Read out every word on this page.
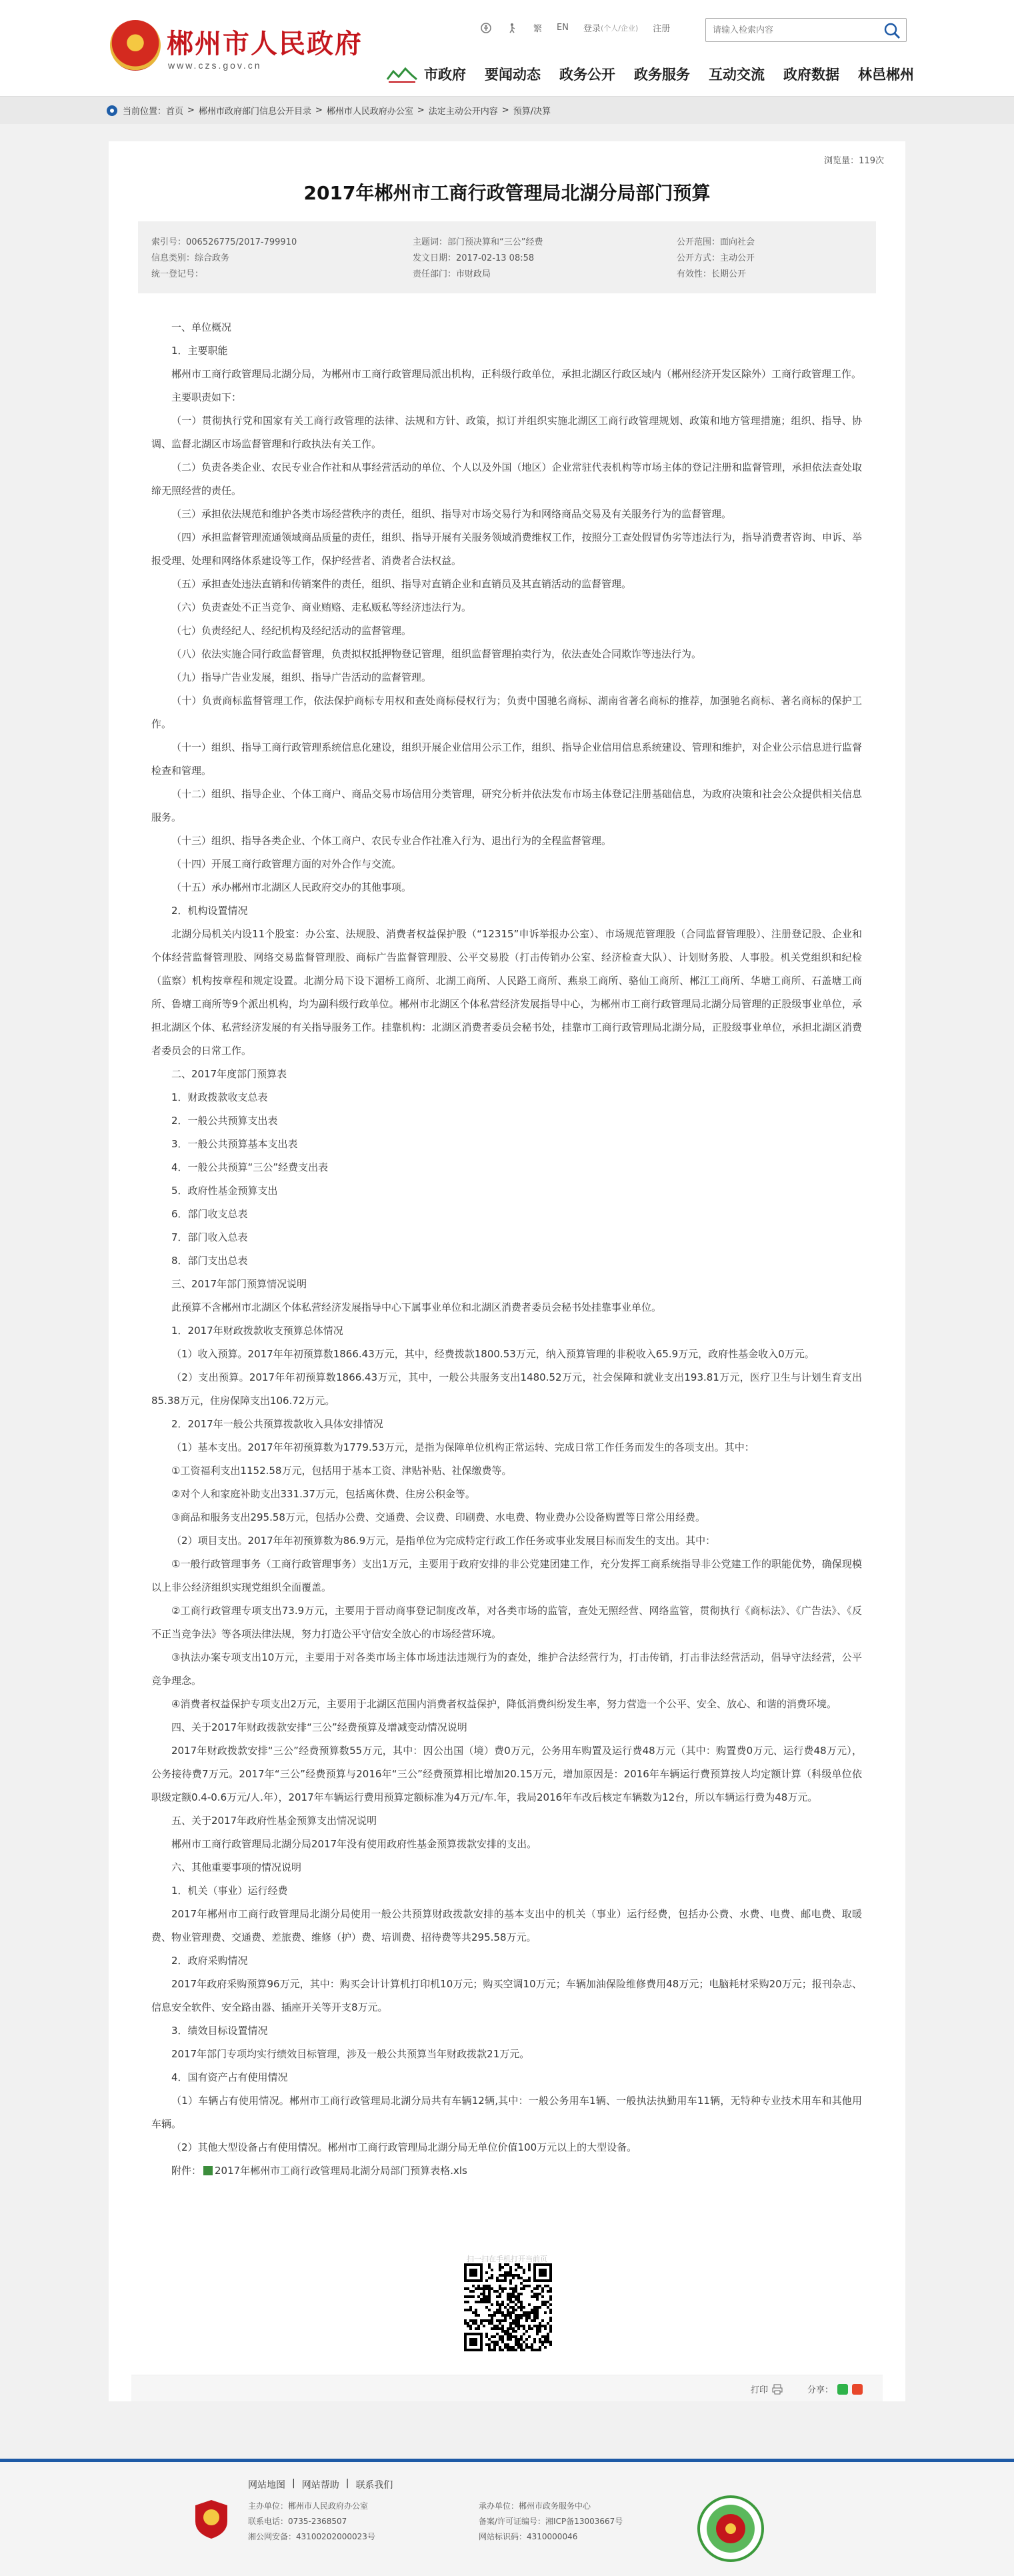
郴州市人民政府
www.czs.gov.cn
繁 EN 登录 (个人/企业) 注册
请输入检索内容
市政府 要闻动态 政务公开 政务服务 互动交流 政府数据 林邑郴州
当前位置： 首页 > 郴州市政府部门信息公开目录 > 郴州市人民政府办公室 > 法定主动公开内容 > 预算/决算
浏览量：119次
2017年郴州市工商行政管理局北湖分局部门预算
索引号：006526775/2017-799910
信息类别：综合政务
统一登记号：
主题词：部门预决算和“三公”经费
发文日期：2017-02-13 08:58
责任部门：市财政局
公开范围：面向社会
公开方式：主动公开
有效性：长期公开

一、单位概况

1．主要职能

郴州市工商行政管理局北湖分局，为郴州市工商行政管理局派出机构，正科级行政单位，承担北湖区行政区域内（郴州经济开发区除外）工商行政管理工作。

主要职责如下：

（一）贯彻执行党和国家有关工商行政管理的法律、法规和方针、政策，拟订并组织实施北湖区工商行政管理规划、政策和地方管理措施；组织、指导、协调、监督北湖区市场监督管理和行政执法有关工作。

（二）负责各类企业、农民专业合作社和从事经营活动的单位、个人以及外国（地区）企业常驻代表机构等市场主体的登记注册和监督管理，承担依法查处取缔无照经营的责任。

（三）承担依法规范和维护各类市场经营秩序的责任，组织、指导对市场交易行为和网络商品交易及有关服务行为的监督管理。

（四）承担监督管理流通领域商品质量的责任，组织、指导开展有关服务领域消费维权工作，按照分工查处假冒伪劣等违法行为，指导消费者咨询、申诉、举报受理、处理和网络体系建设等工作，保护经营者、消费者合法权益。

（五）承担查处违法直销和传销案件的责任，组织、指导对直销企业和直销员及其直销活动的监督管理。

（六）负责查处不正当竞争、商业贿赂、走私贩私等经济违法行为。

（七）负责经纪人、经纪机构及经纪活动的监督管理。

（八）依法实施合同行政监督管理，负责拟权抵押物登记管理，组织监督管理拍卖行为，依法查处合同欺诈等违法行为。

（九）指导广告业发展，组织、指导广告活动的监督管理。

（十）负责商标监督管理工作，依法保护商标专用权和查处商标侵权行为；负责中国驰名商标、湖南省著名商标的推荐，加强驰名商标、著名商标的保护工作。

（十一）组织、指导工商行政管理系统信息化建设，组织开展企业信用公示工作，组织、指导企业信用信息系统建设、管理和维护，对企业公示信息进行监督检查和管理。

（十二）组织、指导企业、个体工商户、商品交易市场信用分类管理，研究分析并依法发布市场主体登记注册基础信息，为政府决策和社会公众提供相关信息服务。

（十三）组织、指导各类企业、个体工商户、农民专业合作社准入行为、退出行为的全程监督管理。

（十四）开展工商行政管理方面的对外合作与交流。

（十五）承办郴州市北湖区人民政府交办的其他事项。

2．机构设置情况

北湖分局机关内设11个股室：办公室、法规股、消费者权益保护股（“12315”申诉举报办公室）、市场规范管理股（合同监督管理股）、注册登记股、企业和个体经营监督管理股、网络交易监督管理股、商标广告监督管理股、公平交易股（打击传销办公室、经济检查大队）、计划财务股、人事股。机关党组织和纪检（监察）机构按章程和规定设置。北湖分局下设下湄桥工商所、北湖工商所、人民路工商所、燕泉工商所、骆仙工商所、郴江工商所、华塘工商所、石盖塘工商所、鲁塘工商所等9个派出机构，均为副科级行政单位。郴州市北湖区个体私营经济发展指导中心，为郴州市工商行政管理局北湖分局管理的正股级事业单位，承担北湖区个体、私营经济发展的有关指导服务工作。挂靠机构：北湖区消费者委员会秘书处，挂靠市工商行政管理局北湖分局，正股级事业单位，承担北湖区消费者委员会的日常工作。

二、2017年度部门预算表

1．财政拨款收支总表

2．一般公共预算支出表

3．一般公共预算基本支出表

4．一般公共预算“三公”经费支出表

5．政府性基金预算支出

6．部门收支总表

7．部门收入总表

8．部门支出总表

三、2017年部门预算情况说明

此预算不含郴州市北湖区个体私营经济发展指导中心下属事业单位和北湖区消费者委员会秘书处挂靠事业单位。

1．2017年财政拨款收支预算总体情况

（1）收入预算。2017年年初预算数1866.43万元，其中，经费拨款1800.53万元，纳入预算管理的非税收入65.9万元，政府性基金收入0万元。

（2）支出预算。2017年年初预算数1866.43万元，其中，一般公共服务支出1480.52万元，社会保障和就业支出193.81万元，医疗卫生与计划生育支出85.38万元，住房保障支出106.72万元。

2．2017年一般公共预算拨款收入具体安排情况

（1）基本支出。2017年年初预算数为1779.53万元，是指为保障单位机构正常运转、完成日常工作任务而发生的各项支出。其中：

①工资福利支出1152.58万元，包括用于基本工资、津贴补贴、社保缴费等。

②对个人和家庭补助支出331.37万元，包括离休费、住房公积金等。

③商品和服务支出295.58万元，包括办公费、交通费、会议费、印刷费、水电费、物业费办公设备购置等日常公用经费。

（2）项目支出。2017年年初预算数为86.9万元，是指单位为完成特定行政工作任务或事业发展目标而发生的支出。其中：

①一般行政管理事务（工商行政管理事务）支出1万元，主要用于政府安排的非公党建团建工作，充分发挥工商系统指导非公党建工作的职能优势，确保现模以上非公经济组织实现党组织全面覆盖。

②工商行政管理专项支出73.9万元，主要用于晋动商事登记制度改革，对各类市场的监管，查处无照经营、网络监管，贯彻执行《商标法》、《广告法》、《反不正当竞争法》等各项法律法规，努力打造公平守信安全放心的市场经营环境。

③执法办案专项支出10万元，主要用于对各类市场主体市场违法违规行为的查处，维护合法经营行为，打击传销，打击非法经营活动，倡导守法经营，公平竞争理念。

④消费者权益保护专项支出2万元，主要用于北湖区范围内消费者权益保护，降低消费纠纷发生率，努力营造一个公平、安全、放心、和谐的消费环境。

四、关于2017年财政拨款安排“三公”经费预算及增减变动情况说明

2017年财政拨款安排“三公”经费预算数55万元，其中：因公出国（境）费0万元，公务用车购置及运行费48万元（其中：购置费0万元、运行费48万元），公务接待费7万元。2017年“三公”经费预算与2016年“三公”经费预算相比增加20.15万元，增加原因是：2016年车辆运行费预算按人均定额计算（科级单位依职级定额0.4-0.6万元/人.年），2017年车辆运行费用预算定额标准为4万元/车.年，我局2016年车改后核定车辆数为12台，所以车辆运行费为48万元。

五、关于2017年政府性基金预算支出情况说明

郴州市工商行政管理局北湖分局2017年没有使用政府性基金预算拨款安排的支出。

六、其他重要事项的情况说明

1．机关（事业）运行经费

2017年郴州市工商行政管理局北湖分局使用一般公共预算财政拨款安排的基本支出中的机关（事业）运行经费，包括办公费、水费、电费、邮电费、取暖费、物业管理费、交通费、差旅费、维修（护）费、培训费、招待费等共295.58万元。

2．政府采购情况

2017年政府采购预算96万元，其中：购买会计计算机打印机10万元；购买空调10万元；车辆加油保险维修费用48万元；电脑耗材采购20万元；报刊杂志、信息安全软件、安全路由器、插座开关等开支8万元。

3．绩效目标设置情况

2017年部门专项均实行绩效目标管理，涉及一般公共预算当年财政拨款21万元。

4．国有资产占有使用情况

（1）车辆占有使用情况。郴州市工商行政管理局北湖分局共有车辆12辆,其中：一般公务用车1辆、一般执法执勤用车11辆，无特种专业技术用车和其他用车辆。

（2）其他大型设备占有使用情况。郴州市工商行政管理局北湖分局无单位价值100万元以上的大型设备。

附件： 2017年郴州市工商行政管理局北湖分局部门预算表格.xls

扫一扫在手机打开当前页
打印	分享：
网站地图 | 网站帮助 | 联系我们
主办单位：郴州市人民政府办公室
联系电话：0735-2368507
湘公网安备：43100202000023号
承办单位：郴州市政务服务中心
备案/许可证编号：湘ICP备13003667号
网站标识码：4310000046
